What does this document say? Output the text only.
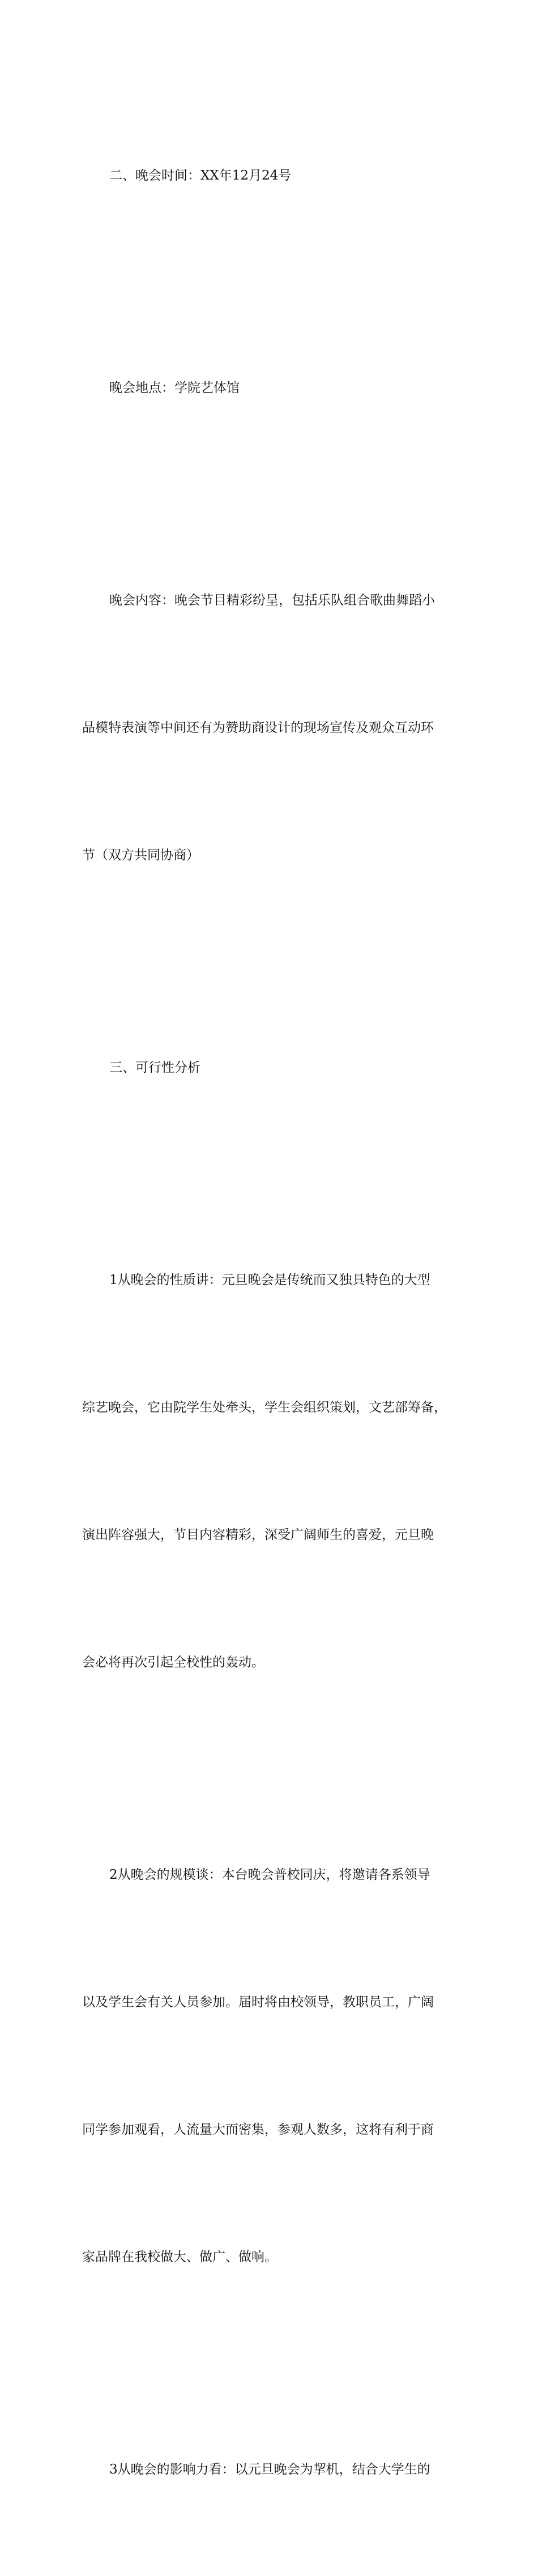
二、晚会时间：XX年12月24号

晚会地点：学院艺体馆

晚会内容：晚会节目精彩纷呈，包括乐队组合歌曲舞蹈小

品模特表演等中间还有为赞助商设计的现场宣传及观众互动环

节（双方共同协商）

三、可行性分析

1从晚会的性质讲：元旦晚会是传统而又独具特色的大型

综艺晚会，它由院学生处牵头，学生会组织策划，文艺部筹备，

演出阵容强大，节目内容精彩，深受广阔师生的喜爱，元旦晚

会必将再次引起全校性的轰动。

2从晚会的规模谈：本台晚会普校同庆，将邀请各系领导

以及学生会有关人员参加。届时将由校领导，教职员工，广阔

同学参加观看，人流量大而密集，参观人数多，这将有利于商

家品牌在我校做大、做广、做响。

3从晚会的影响力看：以元旦晚会为挈机，结合大学生的
